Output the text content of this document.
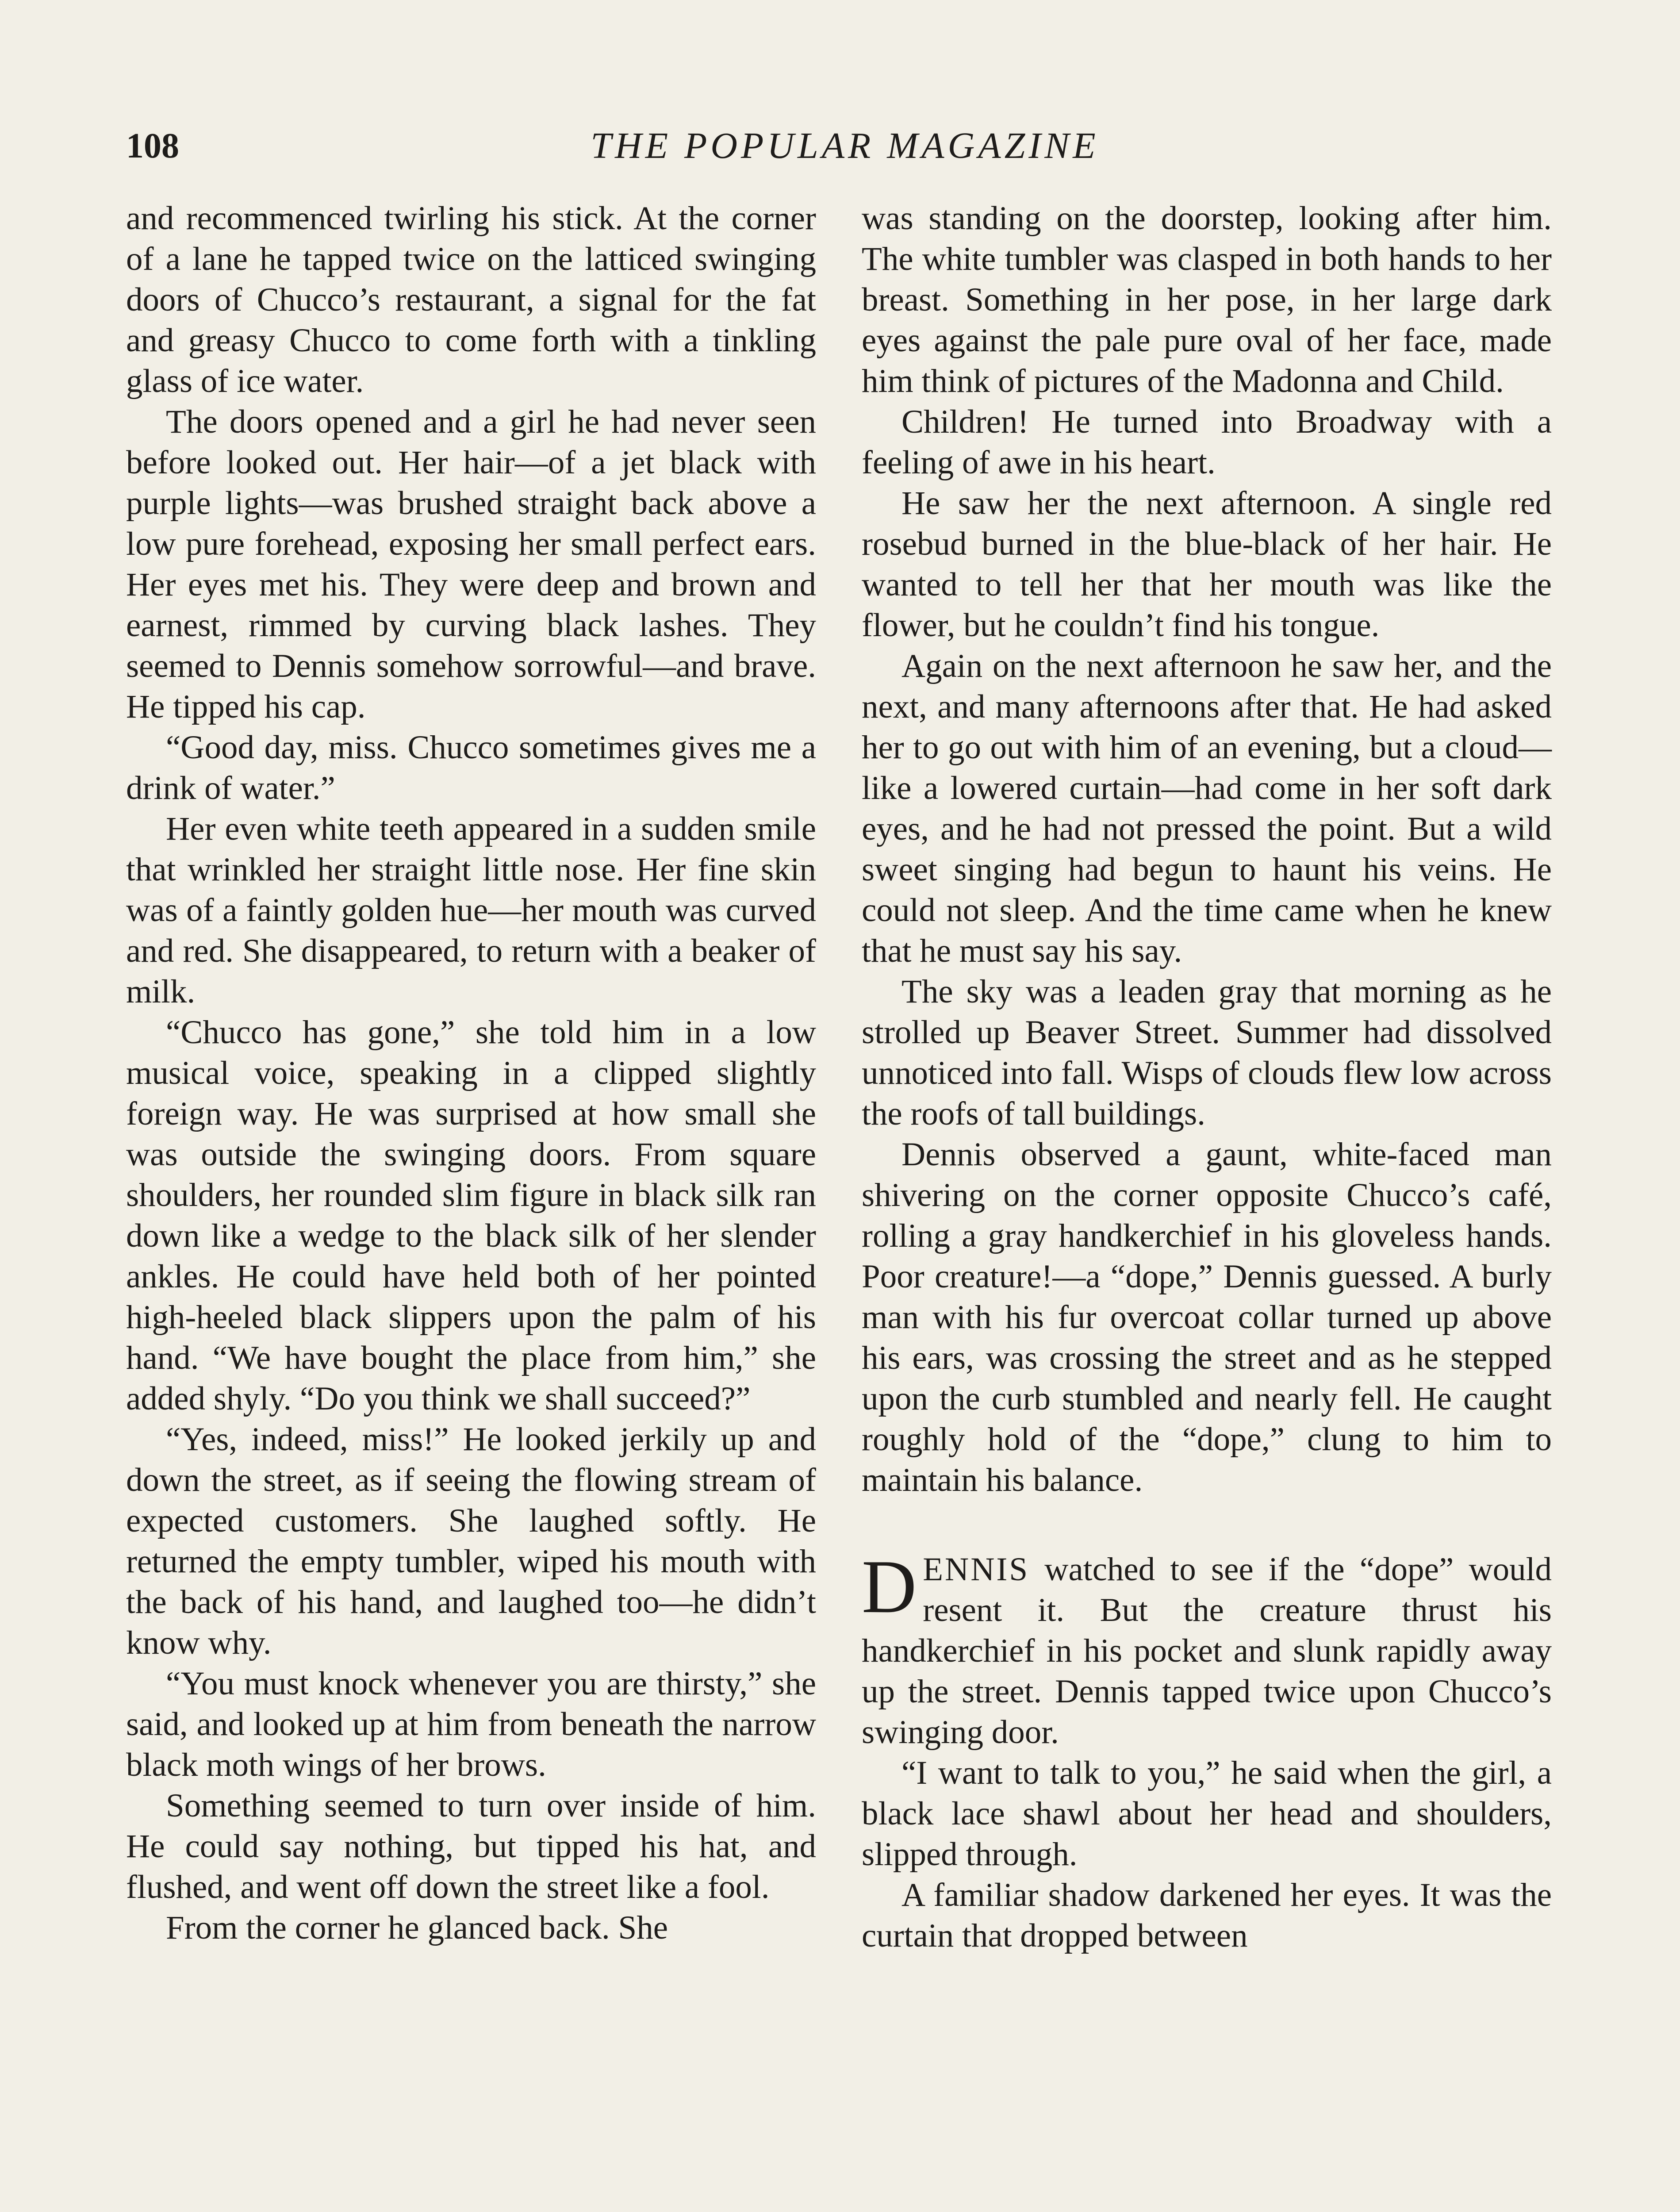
108	THE POPULAR MAGAZINE

and recommenced twirling his stick. At the corner of a lane he tapped twice on the latticed swinging doors of Chucco’s restaurant, a signal for the fat and greasy Chucco to come forth with a tinkling glass of ice water.

The doors opened and a girl he had never seen before looked out. Her hair—of a jet black with purple lights—was brushed straight back above a low pure forehead, exposing her small perfect ears. Her eyes met his. They were deep and brown and earnest, rimmed by curving black lashes. They seemed to Dennis somehow sorrowful—and brave. He tipped his cap.

“Good day, miss. Chucco sometimes gives me a drink of water.”

Her even white teeth appeared in a sudden smile that wrinkled her straight little nose. Her fine skin was of a faintly golden hue—her mouth was curved and red. She disappeared, to return with a beaker of milk.

“Chucco has gone,” she told him in a low musical voice, speaking in a clipped slightly foreign way. He was surprised at how small she was outside the swinging doors. From square shoulders, her rounded slim figure in black silk ran down like a wedge to the black silk of her slender ankles. He could have held both of her pointed high-heeled black slippers upon the palm of his hand. “We have bought the place from him,” she added shyly. “Do you think we shall succeed?”

“Yes, indeed, miss!” He looked jerkily up and down the street, as if seeing the flowing stream of expected customers. She laughed softly. He returned the empty tumbler, wiped his mouth with the back of his hand, and laughed too—he didn’t know why.

“You must knock whenever you are thirsty,” she said, and looked up at him from beneath the narrow black moth wings of her brows.

Something seemed to turn over inside of him. He could say nothing, but tipped his hat, and flushed, and went off down the street like a fool.

From the corner he glanced back. She

was standing on the doorstep, looking after him. The white tumbler was clasped in both hands to her breast. Something in her pose, in her large dark eyes against the pale pure oval of her face, made him think of pictures of the Madonna and Child.

Children! He turned into Broadway with a feeling of awe in his heart.

He saw her the next afternoon. A single red rosebud burned in the blue-black of her hair. He wanted to tell her that her mouth was like the flower, but he couldn’t find his tongue.

Again on the next afternoon he saw her, and the next, and many afternoons after that. He had asked her to go out with him of an evening, but a cloud—like a lowered curtain—had come in her soft dark eyes, and he had not pressed the point. But a wild sweet singing had begun to haunt his veins. He could not sleep. And the time came when he knew that he must say his say.

The sky was a leaden gray that morning as he strolled up Beaver Street. Summer had dissolved unnoticed into fall. Wisps of clouds flew low across the roofs of tall buildings.

Dennis observed a gaunt, white-faced man shivering on the corner opposite Chucco’s café, rolling a gray handkerchief in his gloveless hands. Poor creature!—a “dope,” Dennis guessed. A burly man with his fur overcoat collar turned up above his ears, was crossing the street and as he stepped upon the curb stumbled and nearly fell. He caught roughly hold of the “dope,” clung to him to maintain his balance.

DENNIS watched to see if the “dope” would resent it. But the creature thrust his handkerchief in his pocket and slunk rapidly away up the street. Dennis tapped twice upon Chucco’s swinging door.

“I want to talk to you,” he said when the girl, a black lace shawl about her head and shoulders, slipped through.

A familiar shadow darkened her eyes. It was the curtain that dropped between
